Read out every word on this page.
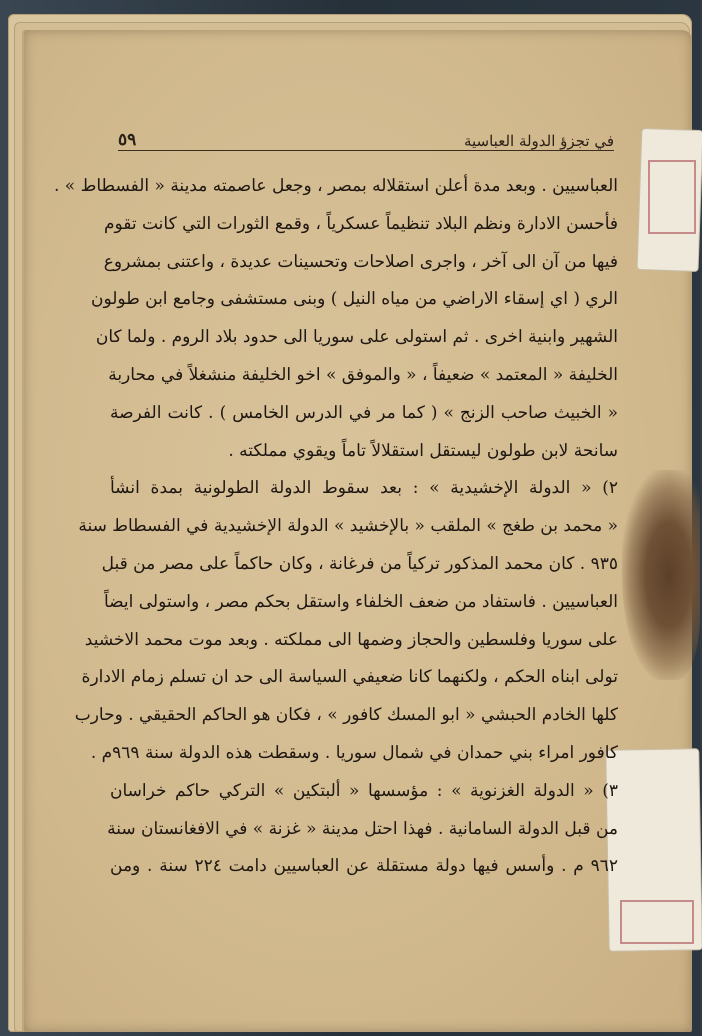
٥٩	في تجزؤ الدولة العباسية
العباسيين . وبعد مدة أعلن استقلاله بمصر ، وجعل عاصمته مدينة « الفسطاط » .
فأحسن الادارة ونظم البلاد تنظيماً عسكرياً ، وقمع الثورات التي كانت تقوم
فيها من آن الى آخر ، واجرى اصلاحات وتحسينات عديدة ، واعتنى بمشروع
الري ( اي إسقاء الاراضي من مياه النيل ) وبنى مستشفى وجامع ابن طولون
الشهير وابنية اخرى . ثم استولى على سوريا الى حدود بلاد الروم . ولما كان
الخليفة « المعتمد » ضعيفاً ، « والموفق » اخو الخليفة منشغلاً في محاربة
« الخبيث صاحب الزنج » ( كما مر في الدرس الخامس ) . كانت الفرصة
سانحة لابن طولون ليستقل استقلالاً تاماً ويقوي مملكته .
٢) « الدولة الإخشيدية » : بعد سقوط الدولة الطولونية بمدة انشأ
« محمد بن طغج » الملقب « بالإخشيد » الدولة الإخشيدية في الفسطاط سنة
٩٣٥ . كان محمد المذكور تركياً من فرغانة ، وكان حاكماً على مصر من قبل
العباسيين . فاستفاد من ضعف الخلفاء واستقل بحكم مصر ، واستولى ايضاً
على سوريا وفلسطين والحجاز وضمها الى مملكته . وبعد موت محمد الاخشيد
تولى ابناه الحكم ، ولكنهما كانا ضعيفي السياسة الى حد ان تسلم زمام الادارة
كلها الخادم الحبشي « ابو المسك كافور » ، فكان هو الحاكم الحقيقي . وحارب
كافور امراء بني حمدان في شمال سوريا . وسقطت هذه الدولة سنة ٩٦٩م .
٣) « الدولة الغزنوية » : مؤسسها « ألبتكين » التركي حاكم خراسان
من قبل الدولة السامانية . فهذا احتل مدينة « غزنة » في الافغانستان سنة
٩٦٢ م . وأسس فيها دولة مستقلة عن العباسيين دامت ٢٢٤ سنة . ومن
